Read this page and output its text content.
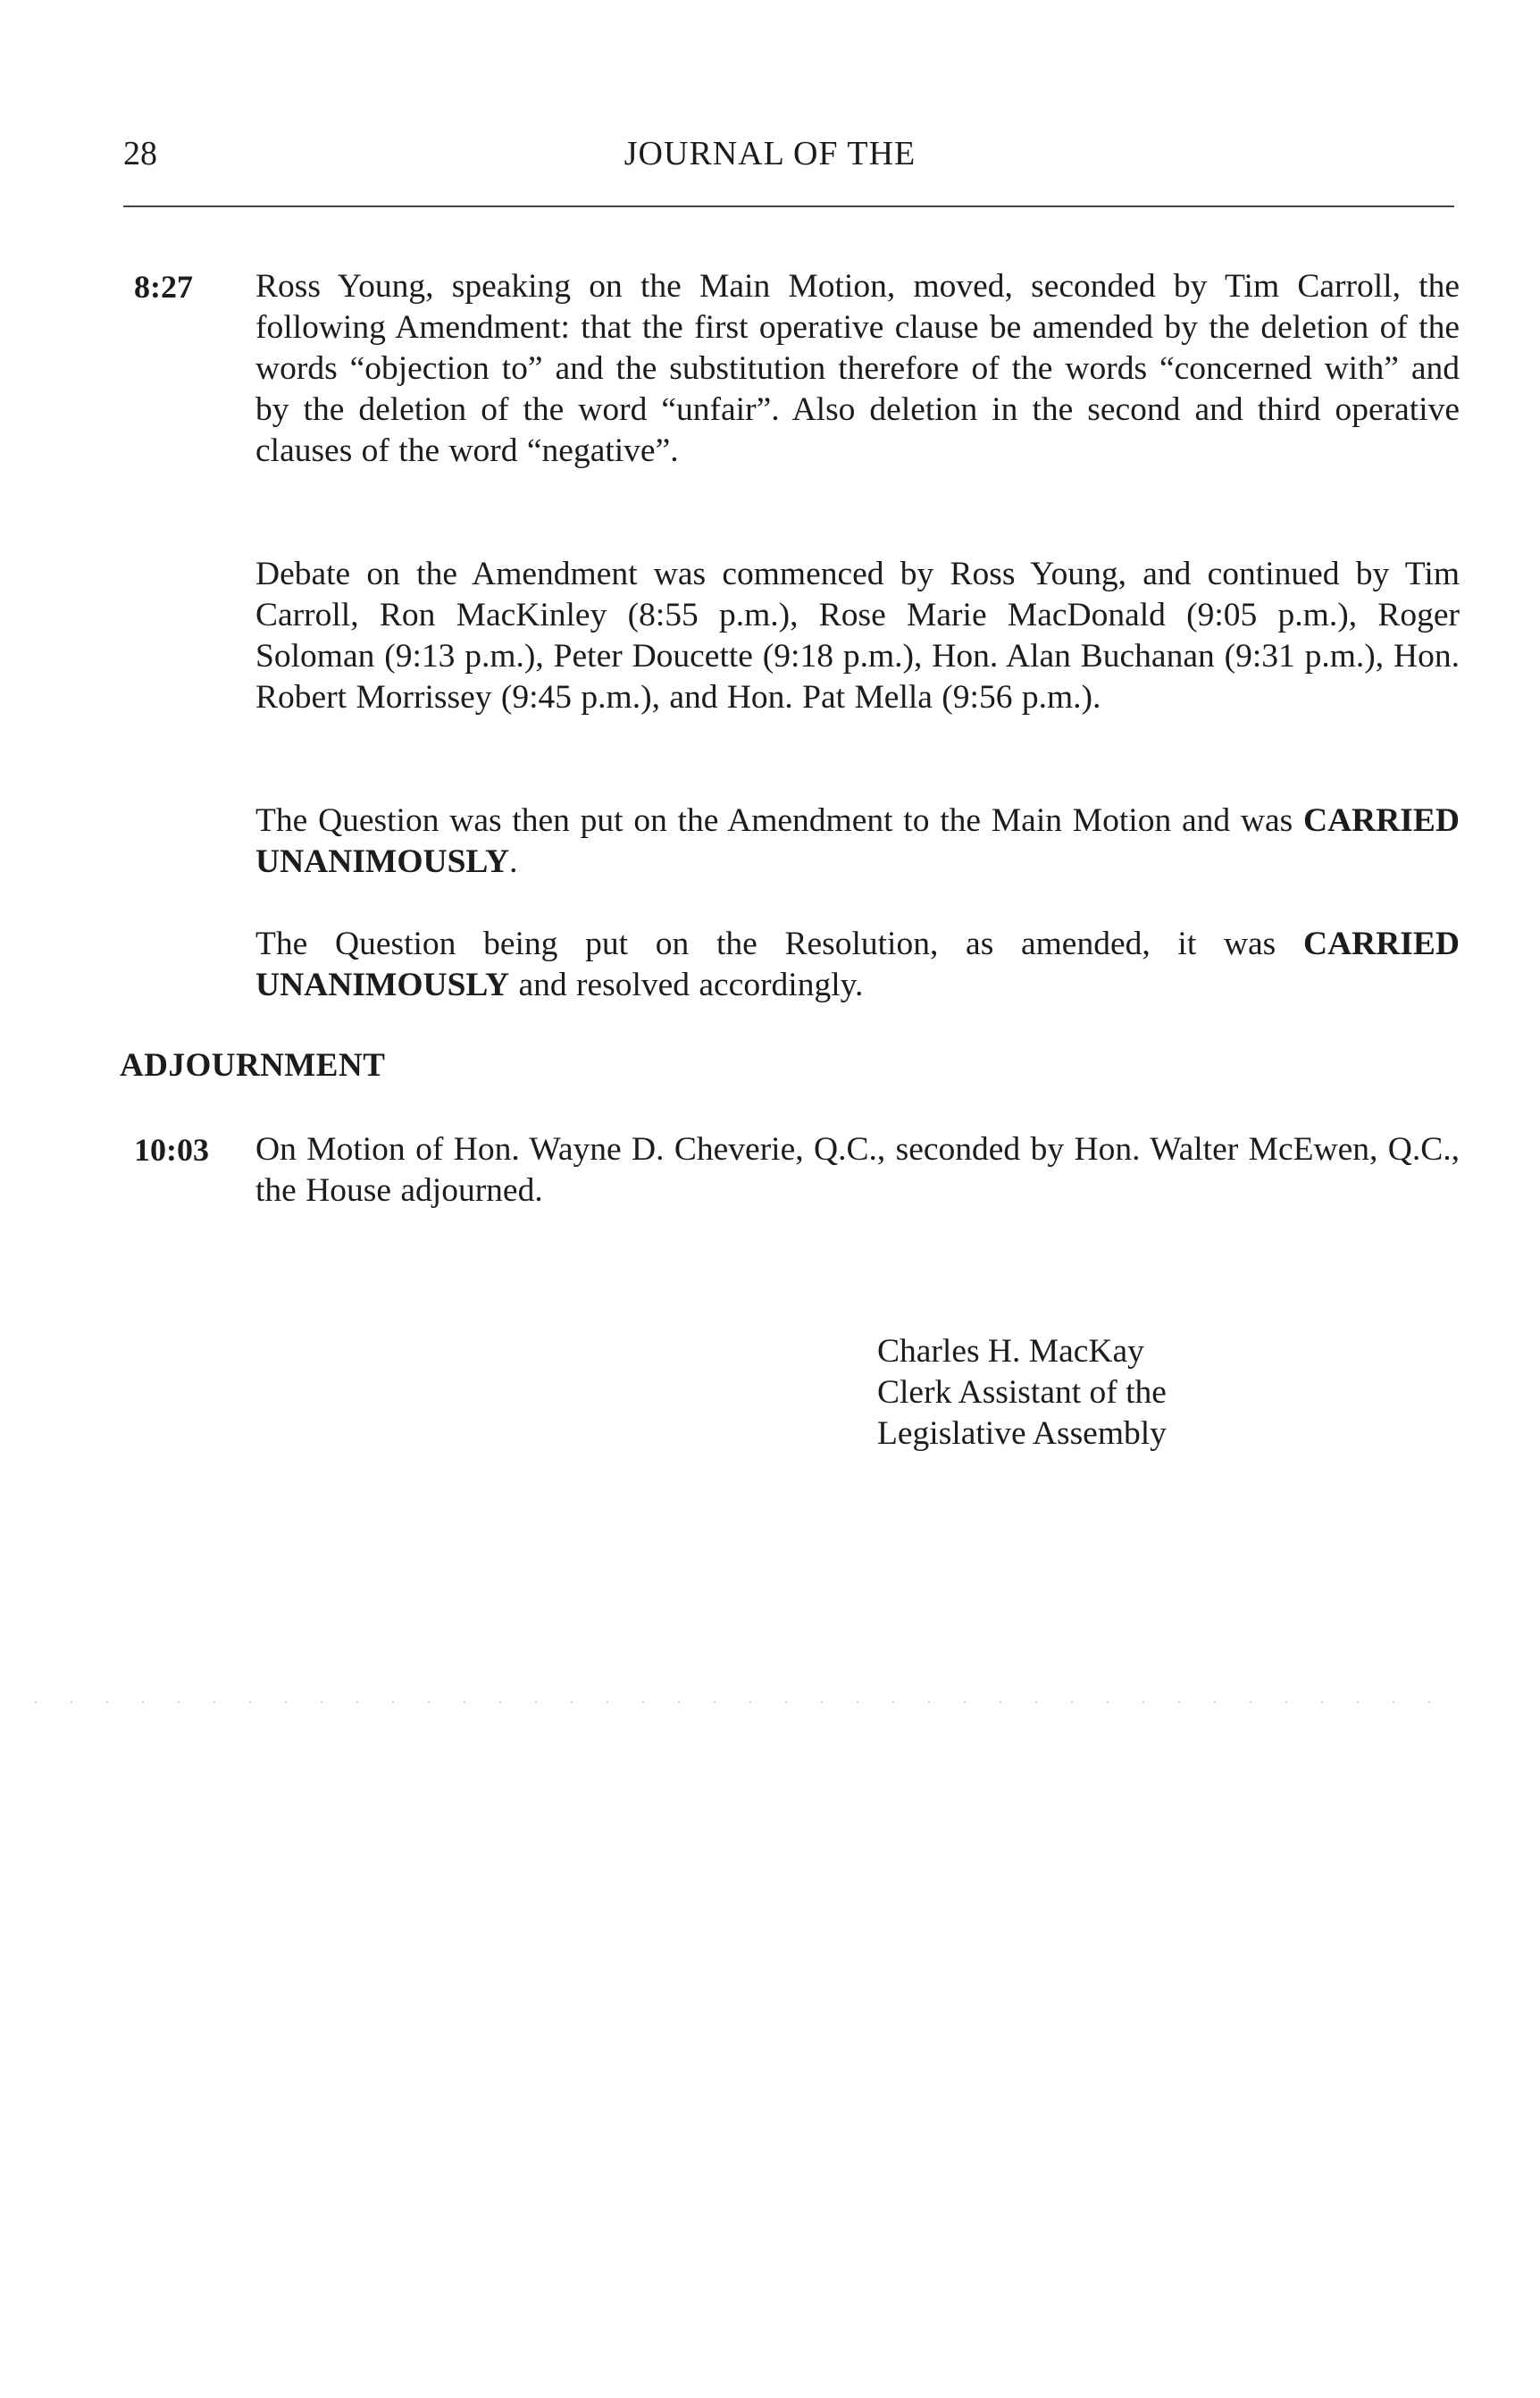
28	JOURNAL OF THE
8:27 Ross Young, speaking on the Main Motion, moved, seconded by Tim Carroll, the following Amendment: that the first operative clause be amended by the deletion of the words “objection to” and the substitution therefore of the words “concerned with” and by the deletion of the word “unfair”. Also deletion in the second and third operative clauses of the word “negative”.

Debate on the Amendment was commenced by Ross Young, and continued by Tim Carroll, Ron MacKinley (8:55 p.m.), Rose Marie MacDonald (9:05 p.m.), Roger Soloman (9:13 p.m.), Peter Doucette (9:18 p.m.), Hon. Alan Buchanan (9:31 p.m.), Hon. Robert Morrissey (9:45 p.m.), and Hon. Pat Mella (9:56 p.m.).

The Question was then put on the Amendment to the Main Motion and was CARRIED UNANIMOUSLY.

The Question being put on the Resolution, as amended, it was CARRIED UNANIMOUSLY and resolved accordingly.

ADJOURNMENT
10:03 On Motion of Hon. Wayne D. Cheverie, Q.C., seconded by Hon. Walter McEwen, Q.C., the House adjourned.

Charles H. MacKay
Clerk Assistant of the
Legislative Assembly
